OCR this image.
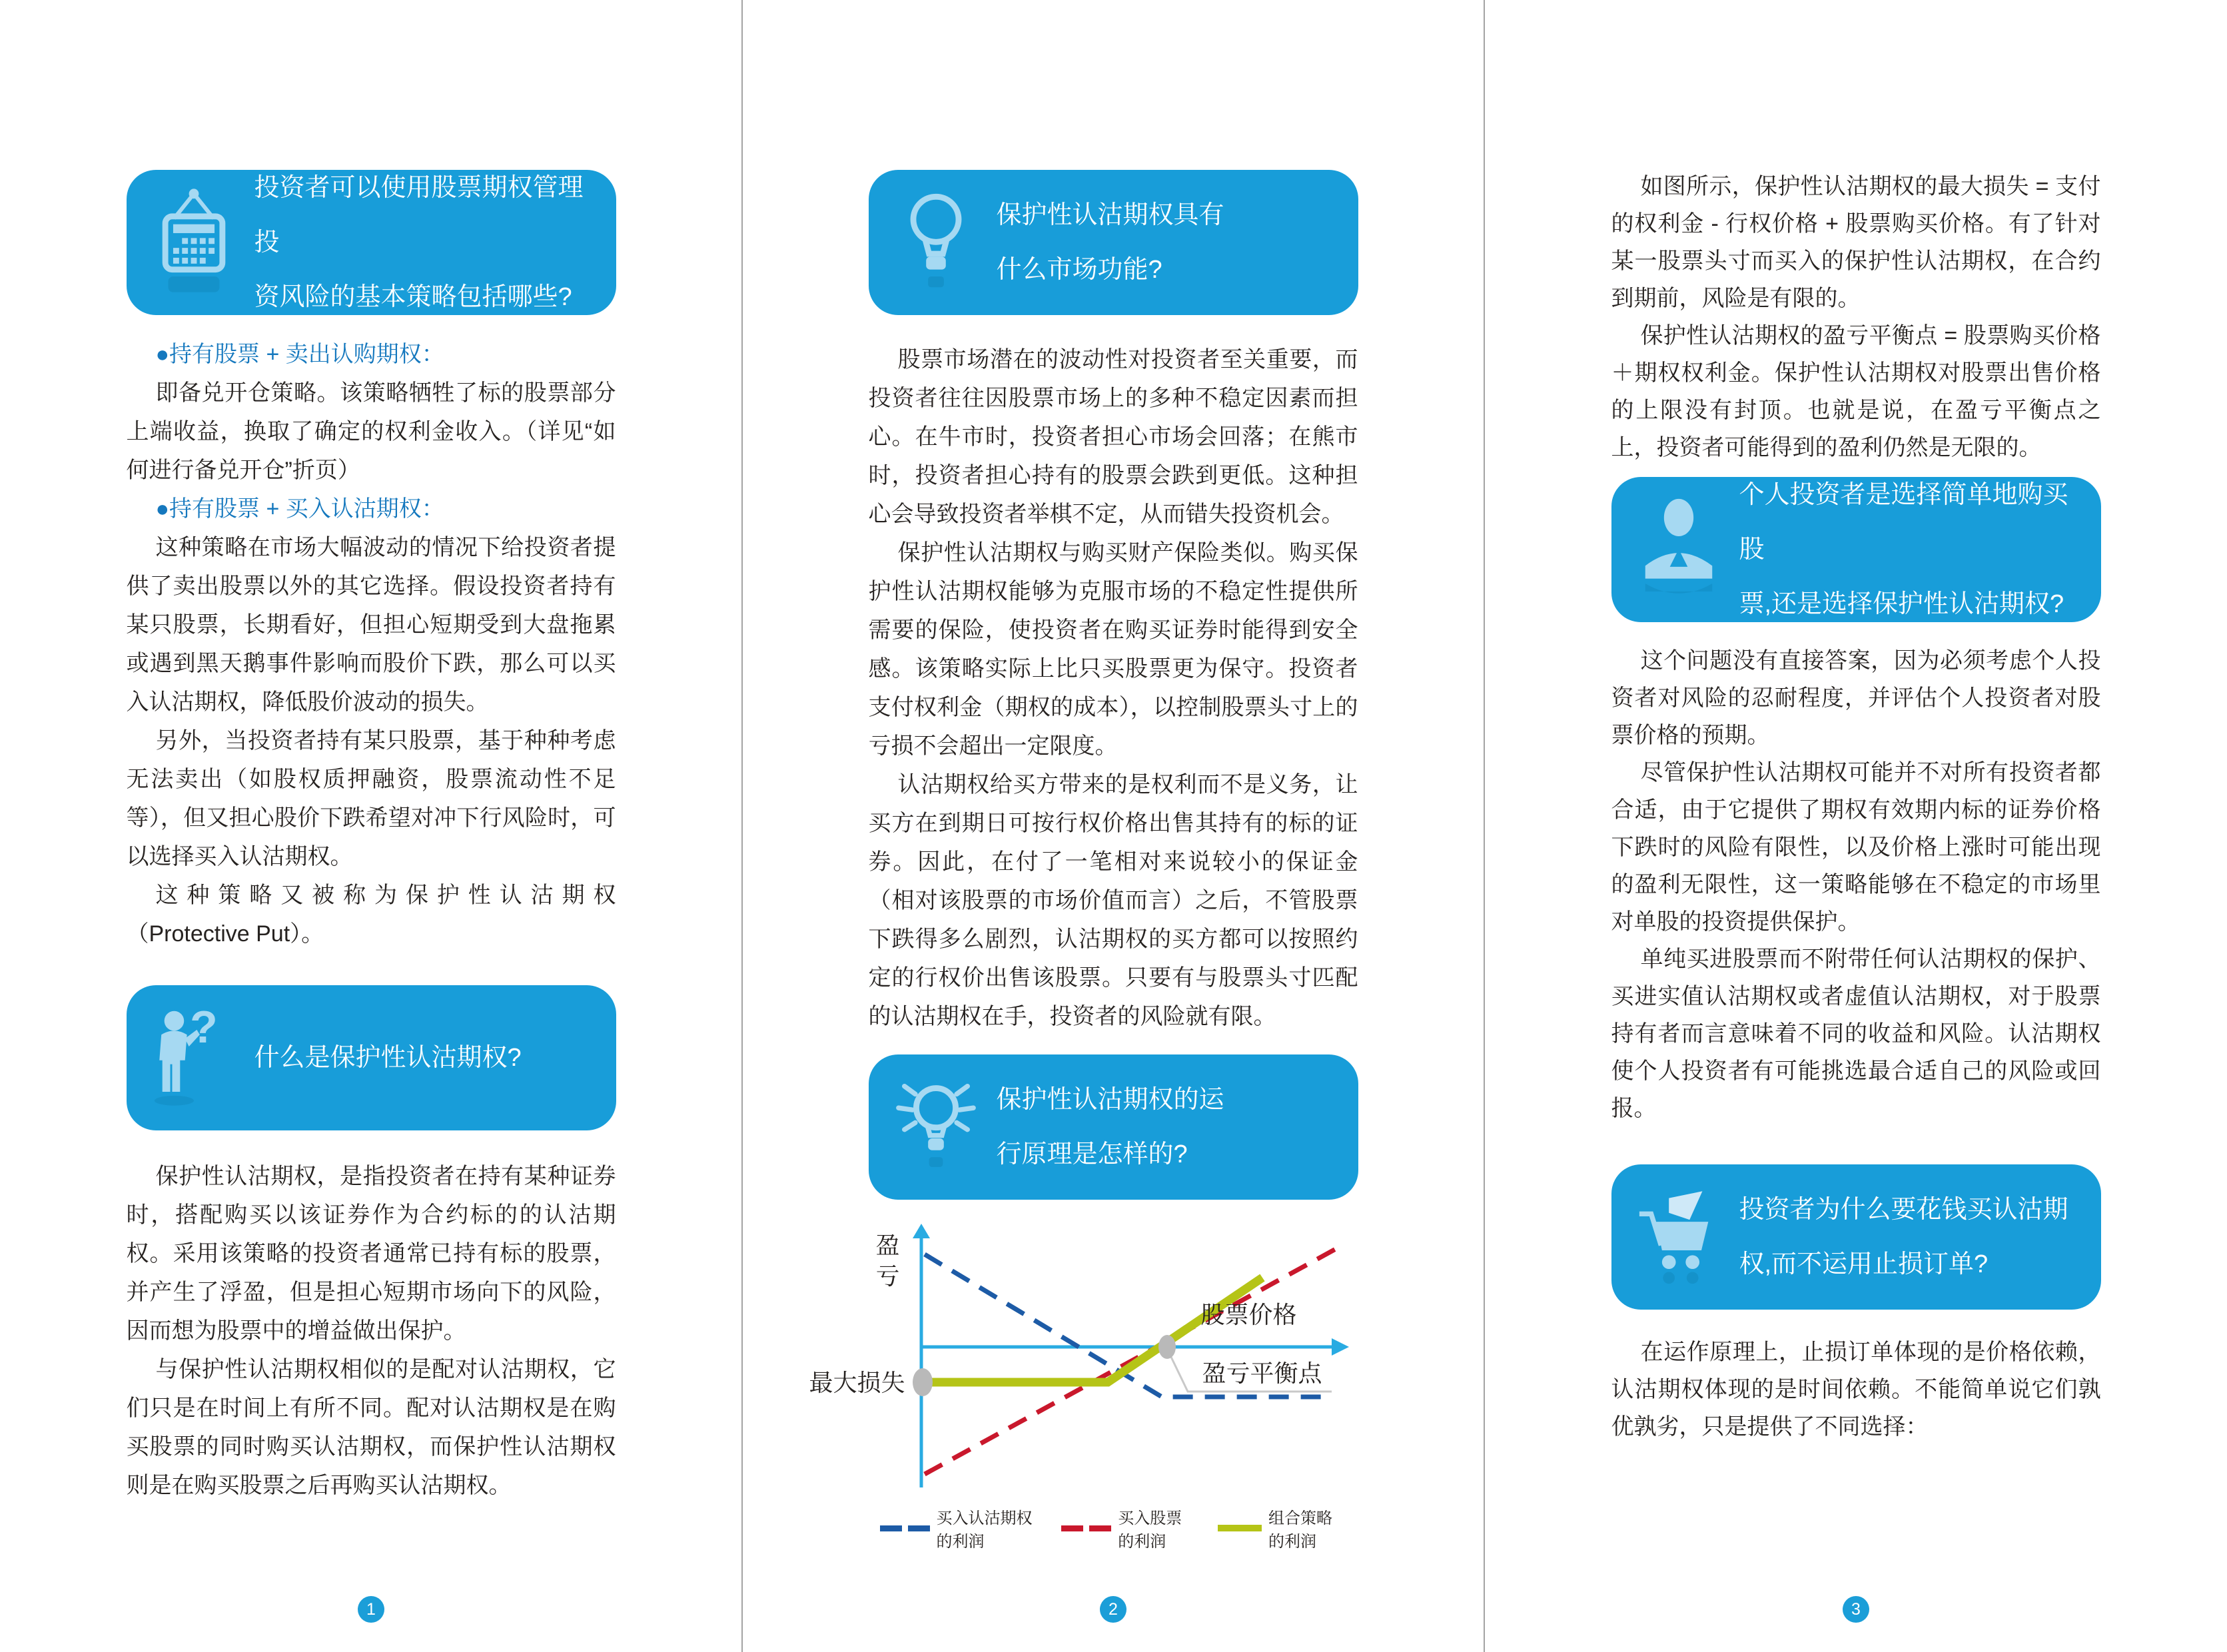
投资者可以使用股票期权管理投
资风险的基本策略包括哪些?

●持有股票 + 卖出认购期权：

即备兑开仓策略。该策略牺牲了标的股票部分上端收益，换取了确定的权利金收入。（详见“如何进行备兑开仓”折页）

●持有股票 + 买入认沽期权：

这种策略在市场大幅波动的情况下给投资者提供了卖出股票以外的其它选择。假设投资者持有某只股票，长期看好，但担心短期受到大盘拖累或遇到黑天鹅事件影响而股价下跌，那么可以买入认沽期权，降低股价波动的损失。

另外，当投资者持有某只股票，基于种种考虑无法卖出（如股权质押融资，股票流动性不足等），但又担心股价下跌希望对冲下行风险时，可以选择买入认沽期权。

这种策略又被称为保护性认沽期权（Protective Put）。

?
什么是保护性认沽期权?

保护性认沽期权，是指投资者在持有某种证券时，搭配购买以该证券作为合约标的的认沽期权。采用该策略的投资者通常已持有标的股票，并产生了浮盈，但是担心短期市场向下的风险，因而想为股票中的增益做出保护。

与保护性认沽期权相似的是配对认沽期权，它们只是在时间上有所不同。配对认沽期权是在购买股票的同时购买认沽期权，而保护性认沽期权则是在购买股票之后再购买认沽期权。

1
保护性认沽期权具有
什么市场功能?

股票市场潜在的波动性对投资者至关重要，而投资者往往因股票市场上的多种不稳定因素而担心。在牛市时，投资者担心市场会回落；在熊市时，投资者担心持有的股票会跌到更低。这种担心会导致投资者举棋不定，从而错失投资机会。

保护性认沽期权与购买财产保险类似。购买保护性认沽期权能够为克服市场的不稳定性提供所需要的保险，使投资者在购买证券时能得到安全感。该策略实际上比只买股票更为保守。投资者支付权利金（期权的成本），以控制股票头寸上的亏损不会超出一定限度。

认沽期权给买方带来的是权利而不是义务，让买方在到期日可按行权价格出售其持有的标的证券。因此，在付了一笔相对来说较小的保证金（相对该股票的市场价值而言）之后，不管股票下跌得多么剧烈，认沽期权的买方都可以按照约定的行权价出售该股票。只要有与股票头寸匹配的认沽期权在手，投资者的风险就有限。

保护性认沽期权的运
行原理是怎样的?
盈亏
股票价格
最大损失	盈亏平衡点
买入认沽期权的利润
买入股票的利润
组合策略的利润
2

如图所示，保护性认沽期权的最大损失 = 支付的权利金 - 行权价格 + 股票购买价格。有了针对某一股票头寸而买入的保护性认沽期权，在合约到期前，风险是有限的。

保护性认沽期权的盈亏平衡点 = 股票购买价格＋期权权利金。保护性认沽期权对股票出售价格的上限没有封顶。也就是说，在盈亏平衡点之上，投资者可能得到的盈利仍然是无限的。

个人投资者是选择简单地购买股
票,还是选择保护性认沽期权?

这个问题没有直接答案，因为必须考虑个人投资者对风险的忍耐程度，并评估个人投资者对股票价格的预期。

尽管保护性认沽期权可能并不对所有投资者都合适，由于它提供了期权有效期内标的证券价格下跌时的风险有限性，以及价格上涨时可能出现的盈利无限性，这一策略能够在不稳定的市场里对单股的投资提供保护。

单纯买进股票而不附带任何认沽期权的保护、买进实值认沽期权或者虚值认沽期权，对于股票持有者而言意味着不同的收益和风险。认沽期权使个人投资者有可能挑选最合适自己的风险或回报。

投资者为什么要花钱买认沽期
权,而不运用止损订单?

在运作原理上，止损订单体现的是价格依赖，认沽期权体现的是时间依赖。不能简单说它们孰优孰劣，只是提供了不同选择：

3
